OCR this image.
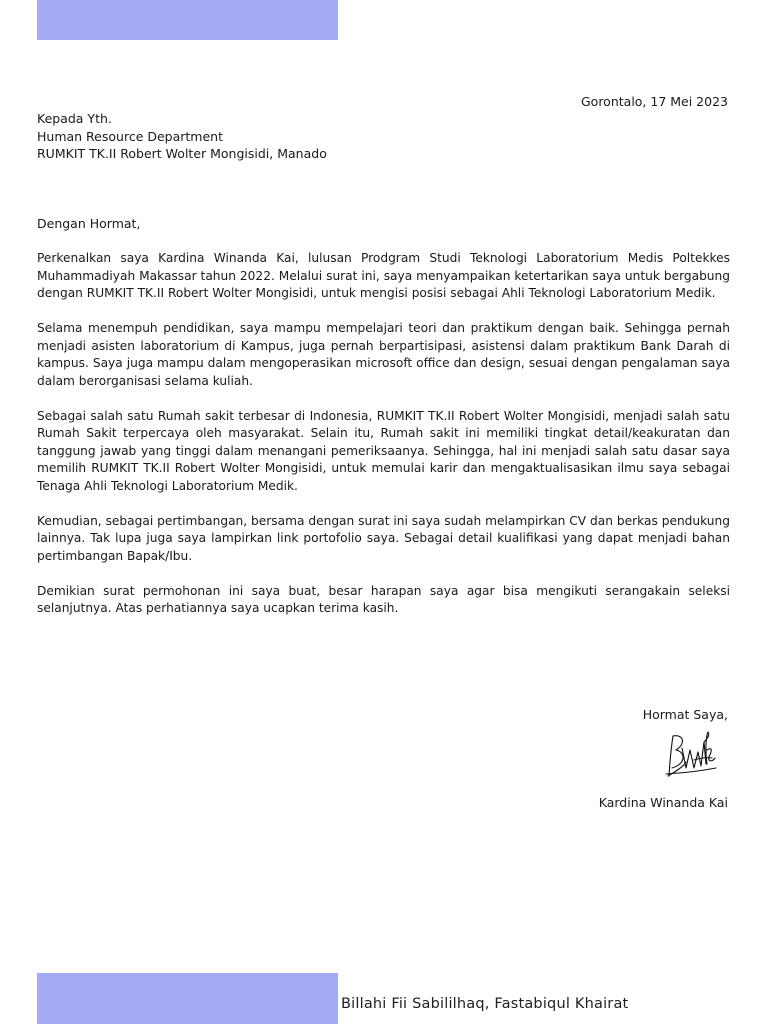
Gorontalo, 17 Mei 2023
Kepada Yth.
Human Resource Department
RUMKIT TK.II Robert Wolter Mongisidi, Manado
Dengan Hormat,

Perkenalkan saya Kardina Winanda Kai, lulusan Prodgram Studi Teknologi Laboratorium Medis Poltekkes Muhammadiyah Makassar tahun 2022. Melalui surat ini, saya menyampaikan ketertarikan saya untuk bergabung dengan RUMKIT TK.II Robert Wolter Mongisidi, untuk mengisi posisi sebagai Ahli Teknologi Laboratorium Medik.

Selama menempuh pendidikan, saya mampu mempelajari teori dan praktikum dengan baik. Sehingga pernah menjadi asisten laboratorium di Kampus, juga pernah berpartisipasi, asistensi dalam praktikum Bank Darah di kampus. Saya juga mampu dalam mengoperasikan microsoft office dan design, sesuai dengan pengalaman saya dalam berorganisasi selama kuliah.

Sebagai salah satu Rumah sakit terbesar di Indonesia, RUMKIT TK.II Robert Wolter Mongisidi, menjadi salah satu Rumah Sakit terpercaya oleh masyarakat. Selain itu, Rumah sakit ini memiliki tingkat detail/keakuratan dan tanggung jawab yang tinggi dalam menangani pemeriksaanya. Sehingga, hal ini menjadi salah satu dasar saya memilih RUMKIT TK.II Robert Wolter Mongisidi, untuk memulai karir dan mengaktualisasikan ilmu saya sebagai Tenaga Ahli Teknologi Laboratorium Medik.

Kemudian, sebagai pertimbangan, bersama dengan surat ini saya sudah melampirkan CV dan berkas pendukung lainnya. Tak lupa juga saya lampirkan link portofolio saya. Sebagai detail kualifikasi yang dapat menjadi bahan pertimbangan Bapak/Ibu.

Demikian surat permohonan ini saya buat, besar harapan saya agar bisa mengikuti serangakain seleksi selanjutnya. Atas perhatiannya saya ucapkan terima kasih.

Hormat Saya,
Kardina Winanda Kai
Billahi Fii Sabililhaq, Fastabiqul Khairat
